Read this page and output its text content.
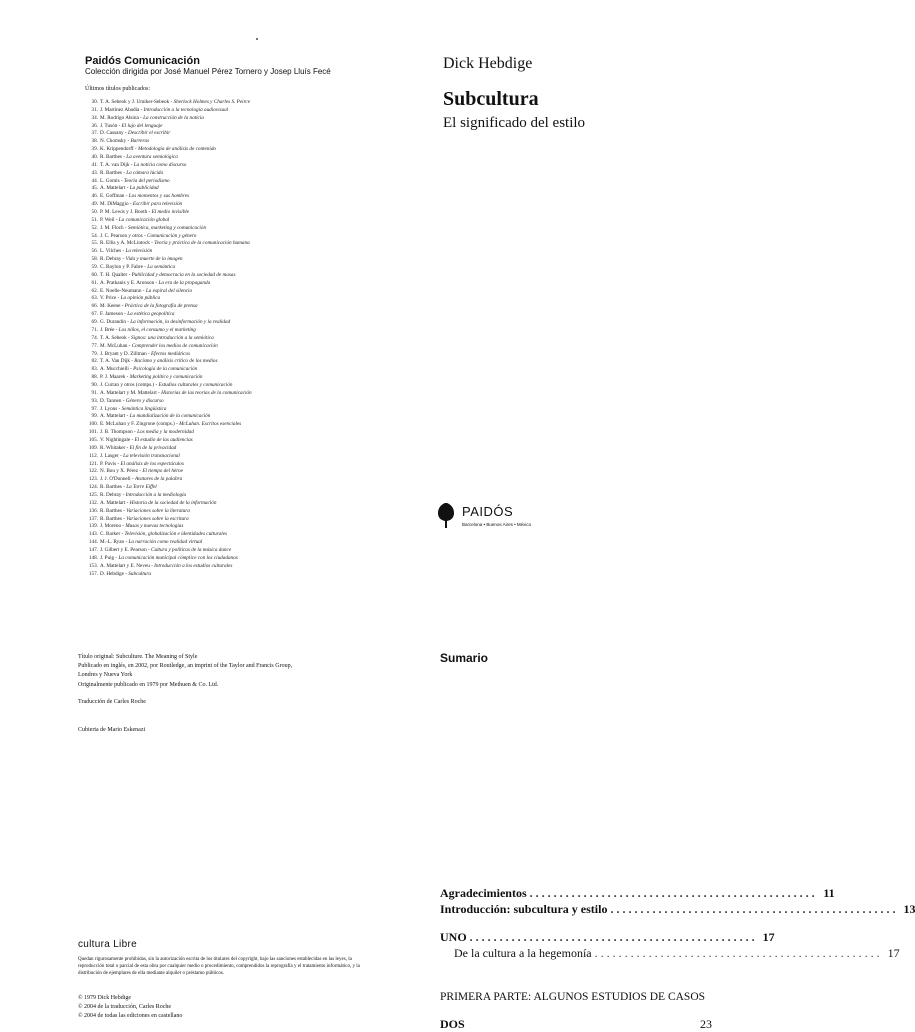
Paidós Comunicación
Colección dirigida por José Manuel Pérez Tornero y Josep Lluís Fecé
Últimos títulos publicados:
30. T. A. Sebeok y J. Umiker-Sebeok - Sherlock Holmes y Charles S. Peirce
31. J. Martínez Abadía - Introducción a la tecnología audiovisual
34. M. Rodrigo Alsina - La construcción de la noticia
36. J. Tusón - El lujo del lenguaje
37. D. Cassany - Describir el escribir
38. N. Chomsky - Barreras
39. K. Krippendorff - Metodología de análisis de contenido
40. R. Barthes - La aventura semiológica
41. T. A. van Dijk - La noticia como discurso
43. R. Barthes - La cámara lúcida
44. L. Gomis - Teoría del periodismo
45. A. Mattelart - La publicidad
46. E. Goffman - Los momentos y sus hombres
49. M. DiMaggio - Escribir para televisión
50. P. M. Lewis y J. Booth - El medio invisible
51. P. Weil - La comunicación global
52. J. M. Floch - Semiótica, marketing y comunicación
54. J. C. Pearson y otros - Comunicación y género
55. R. Ellis y A. McLintock - Teoría y práctica de la comunicación humana
56. L. Vilches - La televisión
58. R. Debray - Vida y muerte de la imagen
59. C. Baylon y P. Fabre - La semántica
60. T. H. Qualter - Publicidad y democracia en la sociedad de masas
61. A. Pratkanis y E. Aronson - La era de la propaganda
62. E. Noelle-Neumann - La espiral del silencio
63. V. Price - La opinión pública
66. M. Keene - Práctica de la fotografía de prensa
67. F. Jameson - La estética geopolítica
69. G. Durandin - La información, la desinformación y la realidad
71. J. Brée - Los niños, el consumo y el marketing
74. T. A. Sebeok - Signos: una introducción a la semiótica
77. M. McLuhan - Comprender los medios de comunicación
79. J. Bryant y D. Zillman - Efectos mediáticos
82. T. A. Van Dijk - Racismo y análisis crítico de los medios
83. A. Mucchielli - Psicología de la comunicación
88. P. J. Maarek - Marketing político y comunicación
90. J. Curran y otros (comps.) - Estudios culturales y comunicación
91. A. Mattelart y M. Mattelart - Historias de las teorías de la comunicación
93. D. Tannen - Género y discurso
97. J. Lyons - Semántica lingüística
99. A. Mattelart - La mundialización de la comunicación
100. E. McLuhan y F. Zingrone (comps.) - McLuhan. Escritos esenciales
101. J. B. Thompson - Los media y la modernidad
105. V. Nightingale - El estudio de las audiencias
109. R. Whitaker - El fin de la privacidad
112. J. Lasger - La televisión transnacional
121. P. Pavis - El análisis de los espectáculos
122. N. Bou y X. Pérez - El tiempo del héroe
123. J. J. O'Donnell - Avatares de la palabra
124. R. Barthes - La Torre Eiffel
125. R. Debray - Introducción a la mediología
132. A. Mattelart - Historia de la sociedad de la información
136. R. Barthes - Variaciones sobre la literatura
137. R. Barthes - Variaciones sobre la escritura
139. J. Moreno - Musas y nuevas tecnologías
143. C. Barker - Televisión, globalización e identidades culturales
144. M.-L. Ryan - La narración como realidad virtual
147. J. Gilbert y E. Pearson - Cultura y políticas de la música dance
148. J. Puig - La comunicación municipal cómplice con los ciudadanos
153. A. Mattelart y E. Neveu - Introducción a los estudios culturales
157. D. Hebdige - Subcultura
Dick Hebdige
Subcultura
El significado del estilo
PAIDÓS
Barcelona • Buenos Aires • México
Título original: Subculture. The Meaning of Style
Publicado en inglés, en 2002, por Routledge, an imprint of the Taylor and Francis Group,
Londres y Nueva York
Originalmente publicado en 1979 por Methuen & Co. Ltd.
Traducción de Carles Roche
Cubierta de Mario Eskenazi
cultura Libre
Quedan rigurosamente prohibidas, sin la autorización escrita de los titulares del copyright, bajo las sanciones establecidas en las leyes, la reproducción total o parcial de esta obra por cualquier medio o procedimiento, comprendidos la reprografía y el tratamiento informático, y la distribución de ejemplares de ella mediante alquiler o préstamo públicos.
© 1979 Dick Hebdige
© 2004 de la traducción, Carles Roche
© 2004 de todas las ediciones en castellano
Sumario
Agradecimientos ................................................ 11
Introducción: subcultura y estilo ................................................ 13
UNO ................................................ 17
De la cultura a la hegemonía ................................................ 17
PRIMERA PARTE: ALGUNOS ESTUDIOS DE CASOS
DOS	23
